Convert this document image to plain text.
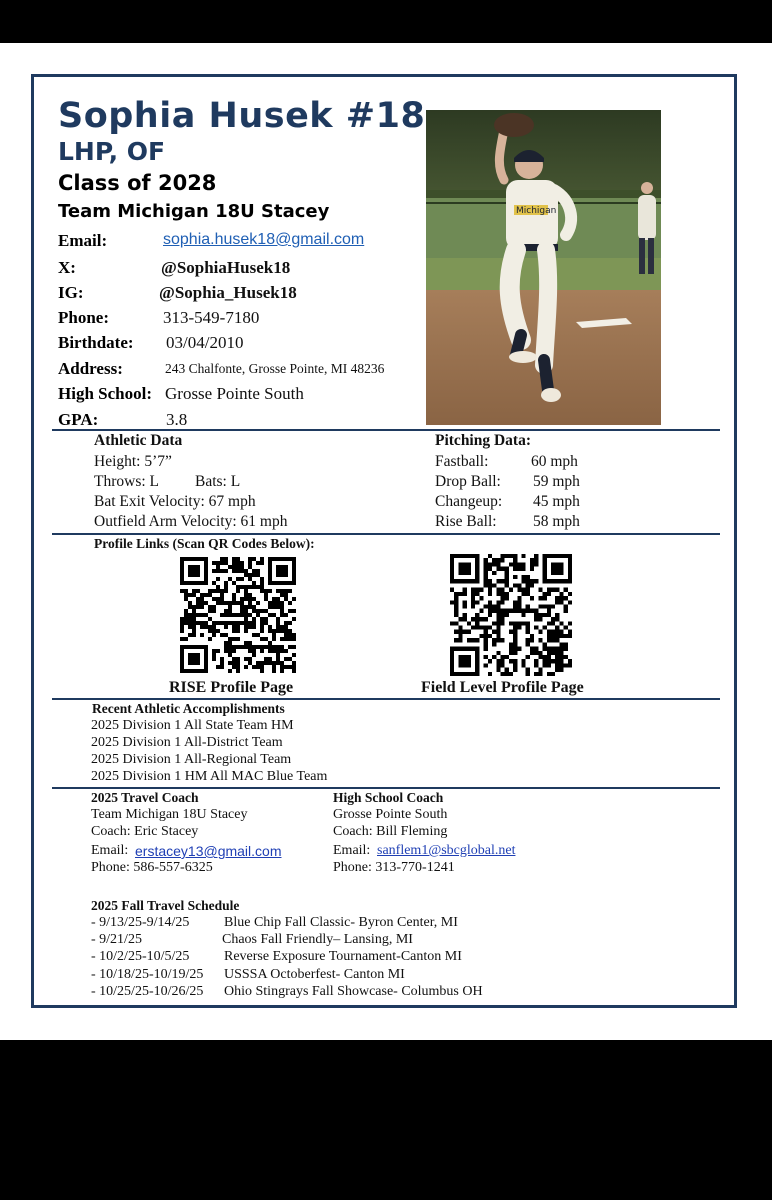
Sophia Husek #18
LHP, OF
Class of 2028
Team Michigan 18U Stacey
Email:	sophia.husek18@gmail.com
X:	@SophiaHusek18
IG:	@Sophia_Husek18
Phone:	313-549-7180
Birthdate: 03/04/2010
Address:	243 Chalfonte, Grosse Pointe, MI 48236
High School: Grosse Pointe South
GPA:	3.8
Michigan
Athletic Data
Height: 5’7”
Throws: L Bats: L
Bat Exit Velocity: 67 mph
Outfield Arm Velocity: 61 mph
Pitching Data:
Fastball:	60 mph
Drop Ball: 59 mph
Changeup: 45 mph
Rise Ball: 58 mph
Profile Links (Scan QR Codes Below):
RISE Profile Page	Field Level Profile Page
Recent Athletic Accomplishments
2025 Division 1 All State Team HM
2025 Division 1 All-District Team
2025 Division 1 All-Regional Team
2025 Division 1 HM All MAC Blue Team
2025 Travel Coach
Team Michigan 18U Stacey
Coach: Eric Stacey
Email: erstacey13@gmail.com
Phone: 586-557-6325
High School Coach
Grosse Pointe South
Coach: Bill Fleming
Email: sanflem1@sbcglobal.net
Phone: 313-770-1241
2025 Fall Travel Schedule
- 9/13/25-9/14/25 Blue Chip Fall Classic- Byron Center, MI
- 9/21/25	Chaos Fall Friendly– Lansing, MI
- 10/2/25-10/5/25 Reverse Exposure Tournament-Canton MI
- 10/18/25-10/19/25 USSSA Octoberfest- Canton MI
- 10/25/25-10/26/25 Ohio Stingrays Fall Showcase- Columbus OH
